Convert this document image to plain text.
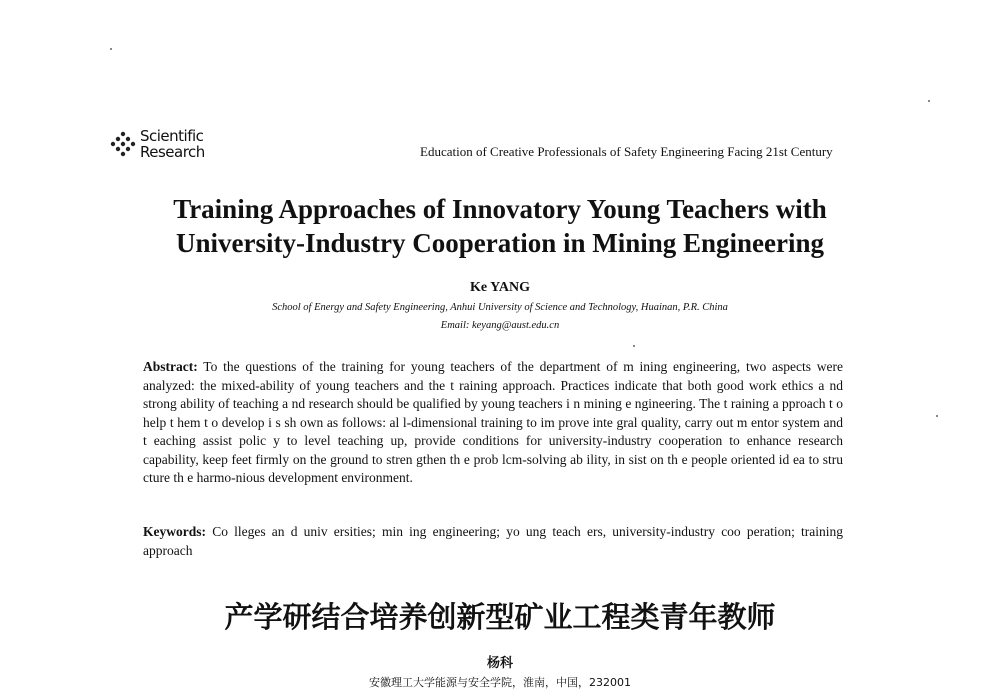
Scientific
Research	Education of Creative Professionals of Safety Engineering Facing 21st Century
Training Approaches of Innovatory Young Teachers with
University-Industry Cooperation in Mining Engineering
Ke YANG
School of Energy and Safety Engineering, Anhui University of Science and Technology, Huainan, P.R. China
Email: keyang@aust.edu.cn
Abstract: To the questions of the training for young teachers of the department of m ining engineering, two aspects were analyzed: the mixed-ability of young teachers and the t raining approach. Practices indicate that both good work ethics a nd strong ability of teaching a nd research should be qualified by young teachers i n mining e ngineering. The t raining a pproach t o help t hem t o develop i s sh own as follows: al l-dimensional training to im prove inte gral quality, carry out m entor system and t eaching assist polic y to level teaching up, provide conditions for university-industry cooperation to enhance research capability, keep feet firmly on the ground to stren gthen th e prob lcm-solving ab ility, in sist on th e people oriented id ea to stru cture th e harmo-nious development environment.
Keywords: Co lleges an d univ ersities; min ing engineering; yo ung teach ers, university-industry coo peration; training approach
产学研结合培养创新型矿业工程类青年教师
杨科
安徽理工大学能源与安全学院，淮南，中国，232001
